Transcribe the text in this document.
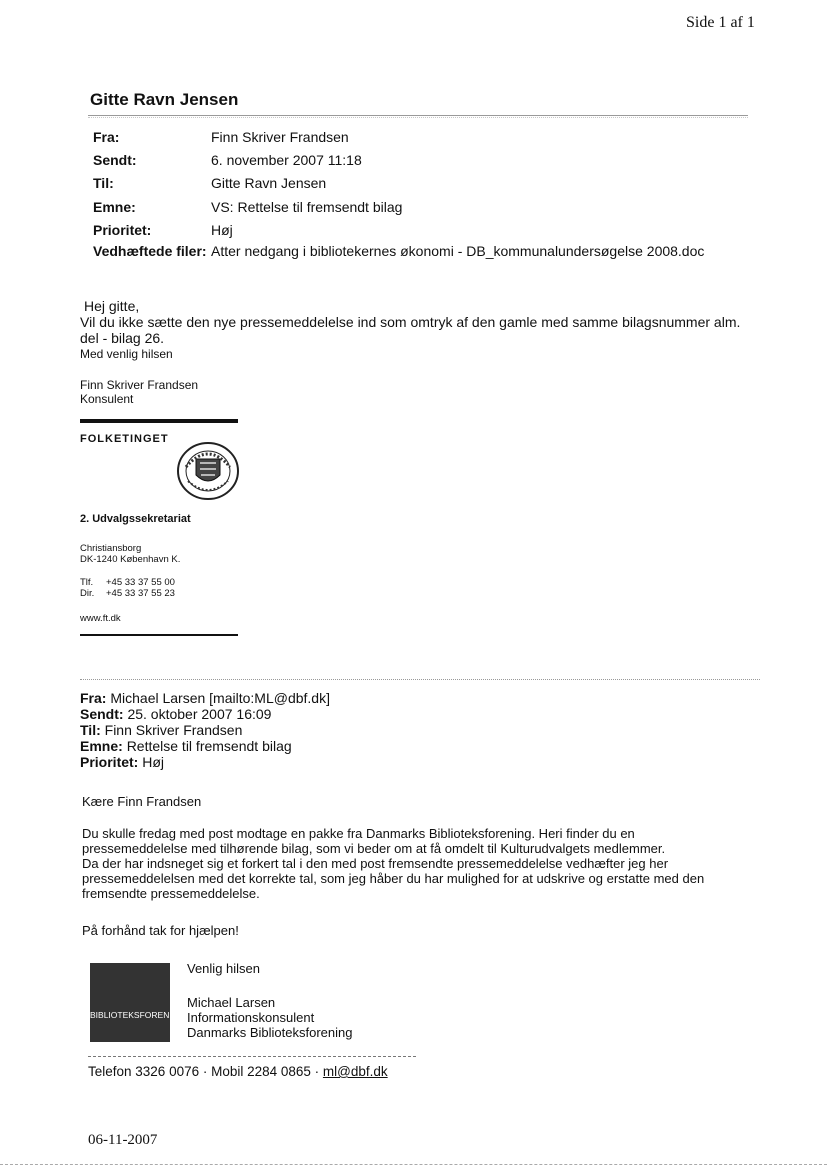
Side 1 af 1
Gitte Ravn Jensen
Fra:	Finn Skriver Frandsen
Sendt:	6. november 2007 11:18
Til:	Gitte Ravn Jensen
Emne:	VS: Rettelse til fremsendt bilag
Prioritet:	Høj
Vedhæftede filer: Atter nedgang i bibliotekernes økonomi - DB_kommunalundersøgelse 2008.doc
Hej gitte,
Vil du ikke sætte den nye pressemeddelelse ind som omtryk af den gamle med samme bilagsnummer alm.
del - bilag 26.
Med venlig hilsen
Finn Skriver Frandsen
Konsulent
FOLKETINGET
2. Udvalgssekretariat
Christiansborg
DK-1240 København K.
Tlf. +45 33 37 55 00
Dir. +45 33 37 55 23
www.ft.dk
Fra: Michael Larsen [mailto:ML@dbf.dk]
Sendt: 25. oktober 2007 16:09
Til: Finn Skriver Frandsen
Emne: Rettelse til fremsendt bilag
Prioritet: Høj
Kære Finn Frandsen
Du skulle fredag med post modtage en pakke fra Danmarks Biblioteksforening. Heri finder du en
pressemeddelelse med tilhørende bilag, som vi beder om at få omdelt til Kulturudvalgets medlemmer.
Da der har indsneget sig et forkert tal i den med post fremsendte pressemeddelelse vedhæfter jeg her
pressemeddelelsen med det korrekte tal, som jeg håber du har mulighed for at udskrive og erstatte med den
fremsendte pressemeddelelse.
På forhånd tak for hjælpen!
BIBLIOTEKSFORENING
Venlig hilsen
Michael Larsen
Informationskonsulent
Danmarks Biblioteksforening
Telefon 3326 0076 · Mobil 2284 0865 · ml@dbf.dk
06-11-2007
